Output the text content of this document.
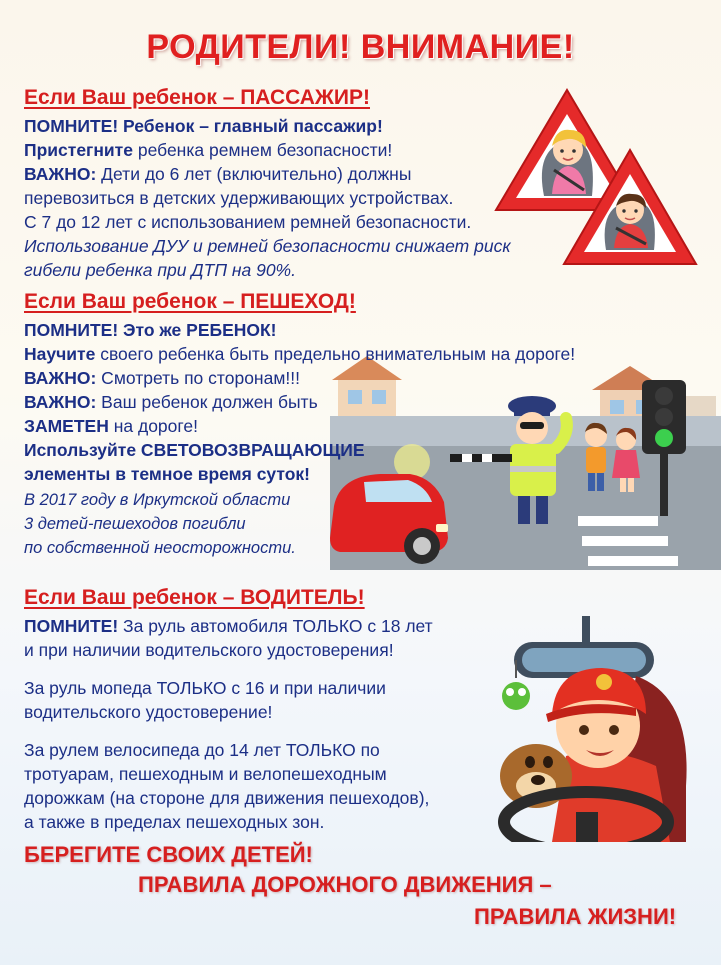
РОДИТЕЛИ! ВНИМАНИЕ!
Если Ваш ребенок – ПАССАЖИР!
ПОМНИТЕ! Ребенок – главный пассажир!
Пристегните ребенка ремнем безопасности!
ВАЖНО: Дети до 6 лет (включительно) должны
перевозиться в детских удерживающих устройствах.
С 7 до 12 лет с использованием ремней безопасности.
Использование ДУУ и ремней безопасности снижает риск
гибели ребенка при ДТП на 90%.
Если Ваш ребенок – ПЕШЕХОД!
ПОМНИТЕ! Это же РЕБЕНОК!
Научите своего ребенка быть предельно внимательным на дороге!
ВАЖНО: Смотреть по сторонам!!!
ВАЖНО: Ваш ребенок должен быть
ЗАМЕТЕН на дороге!
Используйте СВЕТОВОЗВРАЩАЮЩИЕ
элементы в темное время суток!
В 2017 году в Иркутской области
3 детей-пешеходов погибли
по собственной неосторожности.
Если Ваш ребенок – ВОДИТЕЛЬ!
ПОМНИТЕ! За руль автомобиля ТОЛЬКО с 18 лет
и при наличии водительского удостоверения!
За руль мопеда ТОЛЬКО с 16 и при наличии
водительского удостоверение!
За рулем велосипеда до 14 лет ТОЛЬКО по
тротуарам, пешеходным и велопешеходным
дорожкам (на стороне для движения пешеходов),
а также в пределах пешеходных зон.
БЕРЕГИТЕ СВОИХ ДЕТЕЙ!
ПРАВИЛА ДОРОЖНОГО ДВИЖЕНИЯ –
ПРАВИЛА ЖИЗНИ!
